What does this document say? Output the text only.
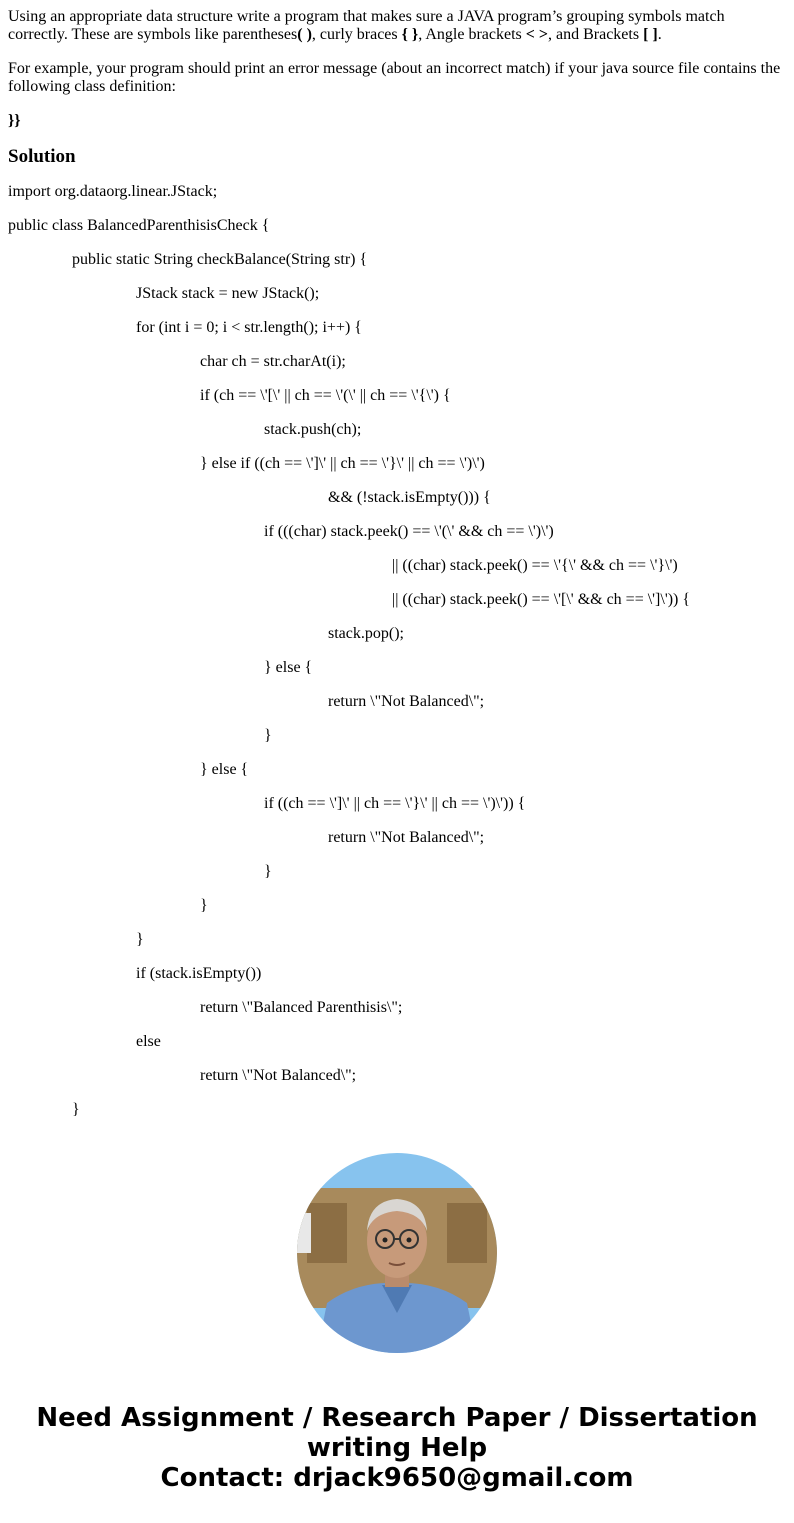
Using an appropriate data structure write a program that makes sure a JAVA program’s grouping symbols match correctly. These are symbols like parentheses( ), curly braces { }, Angle brackets < >, and Brackets [ ].

For example, your program should print an error message (about an incorrect match) if your java source file contains the following class definition:

}}

Solution
import org.dataorg.linear.JStack;
public class BalancedParenthisisCheck {
public static String checkBalance(String str) {
JStack stack = new JStack();
for (int i = 0; i < str.length(); i++) {
char ch = str.charAt(i);
if (ch == \'[\' || ch == \'(\' || ch == \'{\') {
stack.push(ch);
} else if ((ch == \']\' || ch == \'}\' || ch == \')\')
&& (!stack.isEmpty())) {
if (((char) stack.peek() == \'(\' && ch == \')\')
|| ((char) stack.peek() == \'{\' && ch == \'}\')
|| ((char) stack.peek() == \'[\' && ch == \']\')) {
stack.pop();
} else {
return \"Not Balanced\";
}
} else {
if ((ch == \']\' || ch == \'}\' || ch == \')\')) {
return \"Not Balanced\";
}
}
}
if (stack.isEmpty())
return \"Balanced Parenthisis\";
else
return \"Not Balanced\";
}
Need Assignment / Research Paper / Dissertation
writing Help
Contact: drjack9650@gmail.com
